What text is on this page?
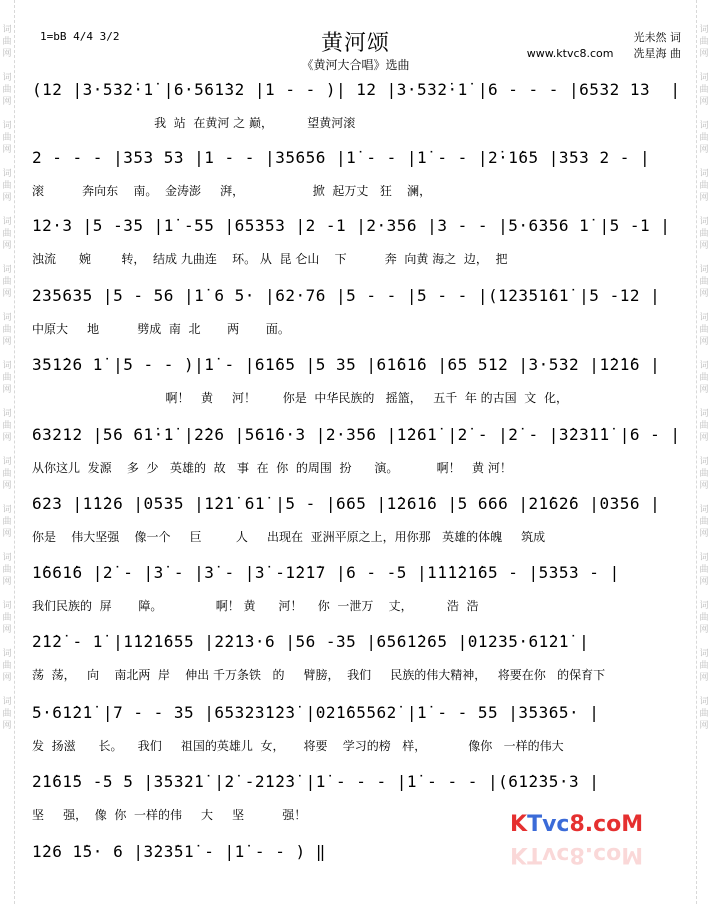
词
曲
网

词
曲
网

词
曲
网

词
曲
网

词
曲
网

词
曲
网

词
曲
网

词
曲
网

词
曲
网

词
曲
网

词
曲
网

词
曲
网

词
曲
网

词
曲
网

词
曲
网

词
曲
网

词
曲
网

词
曲
网

词
曲
网

词
曲
网

词
曲
网

词
曲
网

词
曲
网

词
曲
网

词
曲
网

词
曲
网

词
曲
网

词
曲
网

词
曲
网

词
曲
网

1=bB 4/4 3/2	黄河颂
《黄河大合唱》选曲
光未然 词
www.ktvc8.com 冼星海 曲
(12 |3·532̇·1̇ |6·561̇32 |1 - - )| 12 |3·532̇·1̇ |6 - - - |6532 13  |
我  站  在黄河 之 巅，         望黄河滚
2 - - - |353 53 |1 - - |35656 |1̇ - - |1̇ - - |2̇·1̇65 |353 2 - |
滚          奔向东    南。  金涛澎     湃，                  掀  起万丈   狂    澜，
12·3 |5 -35 |1̇ -55 |65353 |2 -1 |2·356 |3 - - |5·6356 1̇ |5 -1 |
浊流      婉        转，  结成 九曲连    环。 从  昆 仑山    下          奔  向黄 海之  边，  把
235635 |5 - 56 |1̇ 6 5· |62·76 |5 - - |5 - - |(12351̇61̇ |5 -12 |
中原大     地          劈成  南  北       两       面。
351̇26 1̇ |5 - - )|1̇ - |61̇65 |5 35 |61̇61̇6 |65 512 |3·532 |1̇2̇1̇6 |
啊！   黄     河！       你是  中华民族的   摇篮，   五千  年 的古国  文  化，
63212 |56 61̇·1̇ |2̇26 |561̇6·3 |2·356 |1̇261̇ |2̇ - |2̇ - |3̇23̇1̇1̇ |6 - |
从你这儿  发源    多  少   英雄的  故   事  在  你  的周围  扮      演。          啊！   黄 河！
623 |1̇1̇26 |0535 |1̇2̇1̇ 61̇ |5 - |665 |1̇261̇6 |5 666 |2̇1̇62̇6 |0356 |
你是    伟大坚强    像一个     巨         人     出现在  亚洲平原之上，用你那   英雄的体魄     筑成
1̇661̇6 |2̇ - |3̇ - |3̇ - |3̇ -1̇2̇1̇7 |6 - -5 |1̇1̇1̇2̇1̇65 - |5353 - |
我们民族的  屏       障。              啊！ 黄      河！    你  一泄万    丈，         浩  浩
2̇1̇2̇ - 1̇ |1̇1̇2̇1̇655 |2̇2̇1̇3·6 |56 -35 |6561̇265 |01235·61̇2̇1̇ |
荡  荡，   向    南北两  岸    伸出 千万条铁   的     臂膀，  我们     民族的伟大精神，   将要在你   的保育下
5·61̇2̇1̇ |7 - - 35 |65323̇1̇2̇3̇ |02̇1̇65562̇ |1̇ - - 55 |35365· |
发  扬滋      长。    我们     祖国的英雄儿  女，     将要    学习的榜   样，           像你   一样的伟大
2̇1̇61̇5 -5 5 |3532̇1̇ |2̇ -2̇1̇2̇3̇ |1̇ - - - |1̇ - - - |(61̇2̇35·3 |
坚     强，  像  你  一样的伟     大     坚          强！
1̇26 1̇5· 6 |3̇23̇51̇ - |1̇ - - ) ‖
KTvc8.coM
KTvc8.coM
